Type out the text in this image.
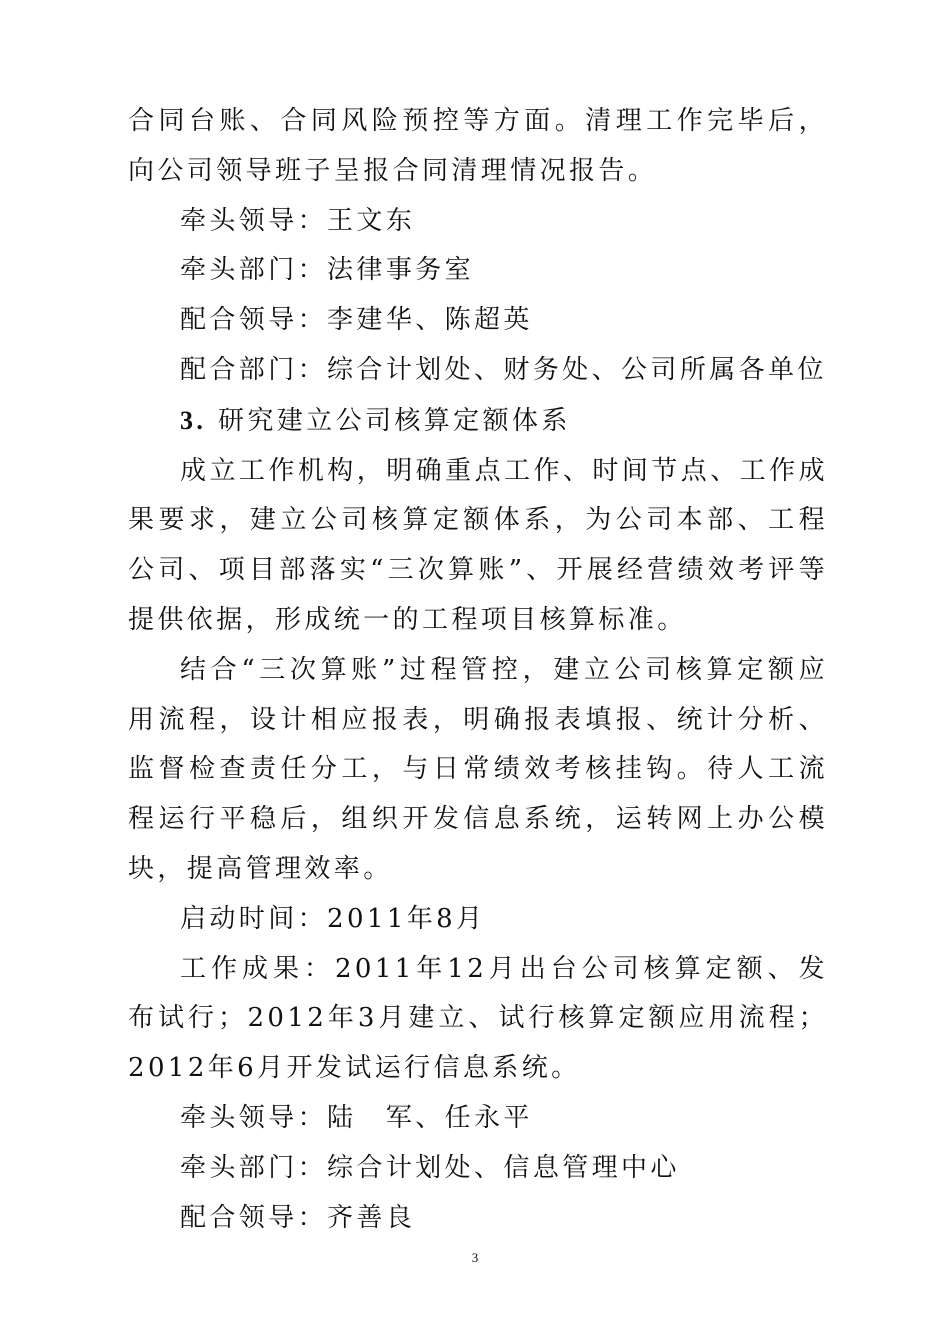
合同台账、合同风险预控等方面。清理工作完毕后，向公司领导班子呈报合同清理情况报告。

牵头领导：王文东

牵头部门：法律事务室

配合领导：李建华、陈超英

配合部门：综合计划处、财务处、公司所属各单位

3. 研究建立公司核算定额体系

成立工作机构，明确重点工作、时间节点、工作成果要求，建立公司核算定额体系，为公司本部、工程公司、项目部落实“三次算账”、开展经营绩效考评等提供依据，形成统一的工程项目核算标准。

结合“三次算账”过程管控，建立公司核算定额应用流程，设计相应报表，明确报表填报、统计分析、监督检查责任分工，与日常绩效考核挂钩。待人工流程运行平稳后，组织开发信息系统，运转网上办公模块，提高管理效率。

启动时间：2011年8月

工作成果：2011年12月出台公司核算定额、发布试行；2012年3月建立、试行核算定额应用流程；2012年6月开发试运行信息系统。

牵头领导：陆　军、任永平

牵头部门：综合计划处、信息管理中心

配合领导：齐善良

3
